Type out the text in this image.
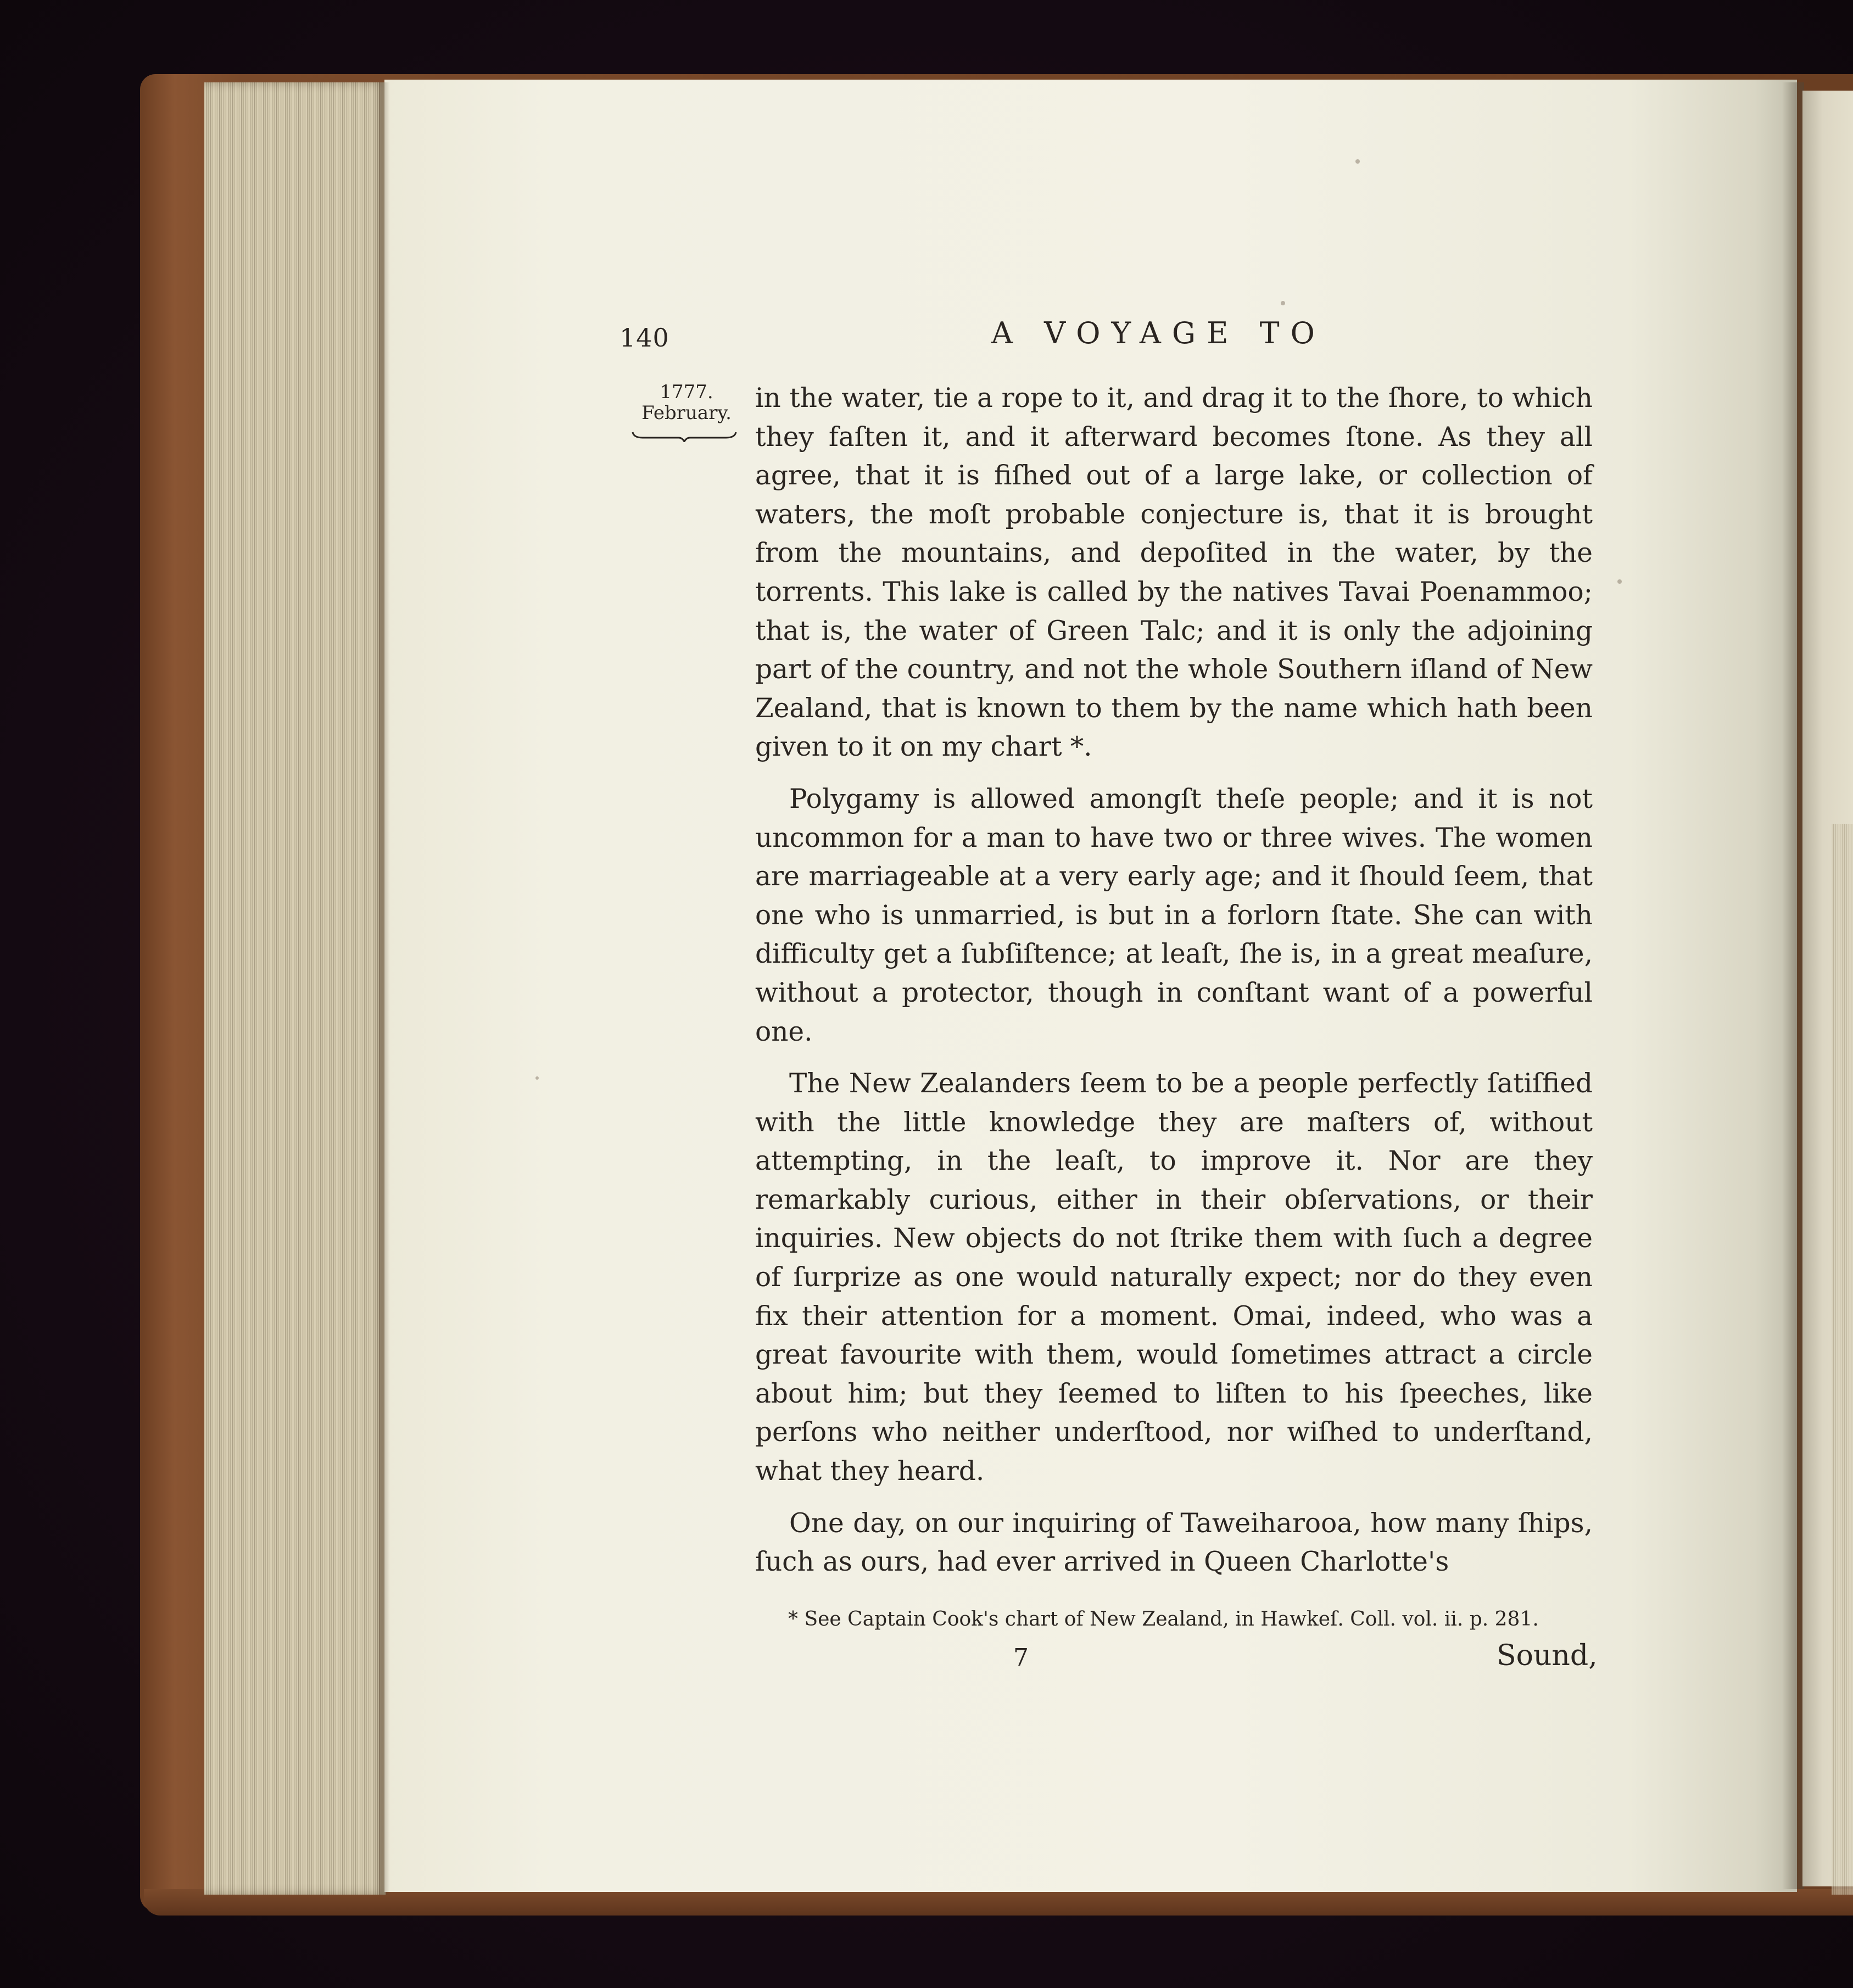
140	A VOYAGE TO
1777.
February. in the water, tie a rope to it, and drag it to the ſhore, to which they faſten it, and it afterward becomes ſtone. As they all agree, that it is fiſhed out of a large lake, or collection of waters, the moſt probable conjecture is, that it is brought from the mountains, and depoſited in the water, by the torrents. This lake is called by the natives Tavai Poenammoo; that is, the water of Green Talc; and it is only the adjoining part of the country, and not the whole Southern iſland of New Zealand, that is known to them by the name which hath been given to it on my chart *.

Polygamy is allowed amongſt theſe people; and it is not uncommon for a man to have two or three wives. The women are marriageable at a very early age; and it ſhould ſeem, that one who is unmarried, is but in a forlorn ſtate. She can with difficulty get a ſubſiſtence; at leaſt, ſhe is, in a great meaſure, without a protector, though in conſtant want of a powerful one.

The New Zealanders ſeem to be a people perfectly ſatiſfied with the little knowledge they are maſters of, without attempting, in the leaſt, to improve it. Nor are they remarkably curious, either in their obſervations, or their inquiries. New objects do not ſtrike them with ſuch a degree of ſurprize as one would naturally expect; nor do they even fix their attention for a moment. Omai, indeed, who was a great favourite with them, would ſometimes attract a circle about him; but they ſeemed to liſten to his ſpeeches, like perſons who neither underſtood, nor wiſhed to underſtand, what they heard.

One day, on our inquiring of Taweiharooa, how many ſhips, ſuch as ours, had ever arrived in Queen Charlotte's

* See Captain Cook's chart of New Zealand, in Hawkeſ. Coll. vol. ii. p. 281.
7	Sound,
